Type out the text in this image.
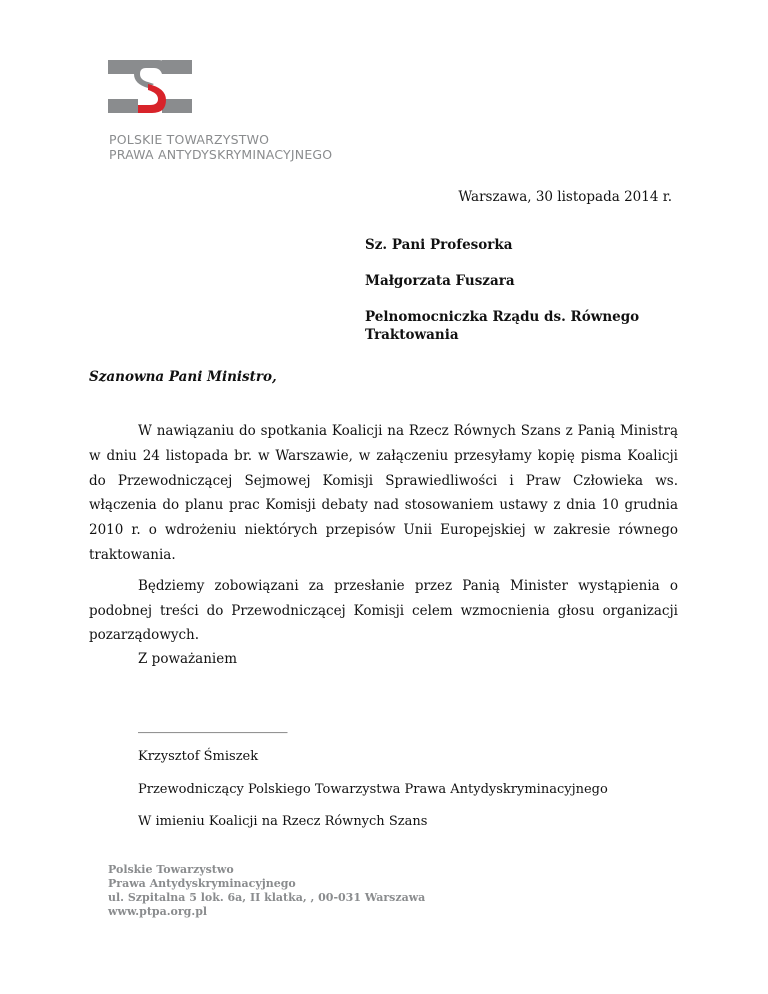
POLSKIE TOWARZYSTWO
PRAWA ANTYDYSKRYMINACYJNEGO
Warszawa, 30 listopada 2014 r.

Sz. Pani Profesorka

Małgorzata Fuszara

Pelnomocniczka Rządu ds. Równego Traktowania

Szanowna Pani Ministro,

W nawiązaniu do spotkania Koalicji na Rzecz Równych Szans z Panią Ministrą w dniu 24 listopada br. w Warszawie, w załączeniu przesyłamy kopię pisma Koalicji do Przewodniczącej Sejmowej Komisji Sprawiedliwości i Praw Człowieka ws. włączenia do planu prac Komisji debaty nad stosowaniem ustawy z dnia 10 grudnia 2010 r. o wdrożeniu niektórych przepisów Unii Europejskiej w zakresie równego traktowania.

Będziemy zobowiązani za przesłanie przez Panią Minister wystąpienia o podobnej treści do Przewodniczącej Komisji celem wzmocnienia głosu organizacji pozarządowych.

Z poważaniem
_______________________

Krzysztof Śmiszek

Przewodniczący Polskiego Towarzystwa Prawa Antydyskryminacyjnego

W imieniu Koalicji na Rzecz Równych Szans

Polskie Towarzystwo
Prawa Antydyskryminacyjnego
ul. Szpitalna 5 lok. 6a, II klatka, , 00-031 Warszawa
www.ptpa.org.pl
